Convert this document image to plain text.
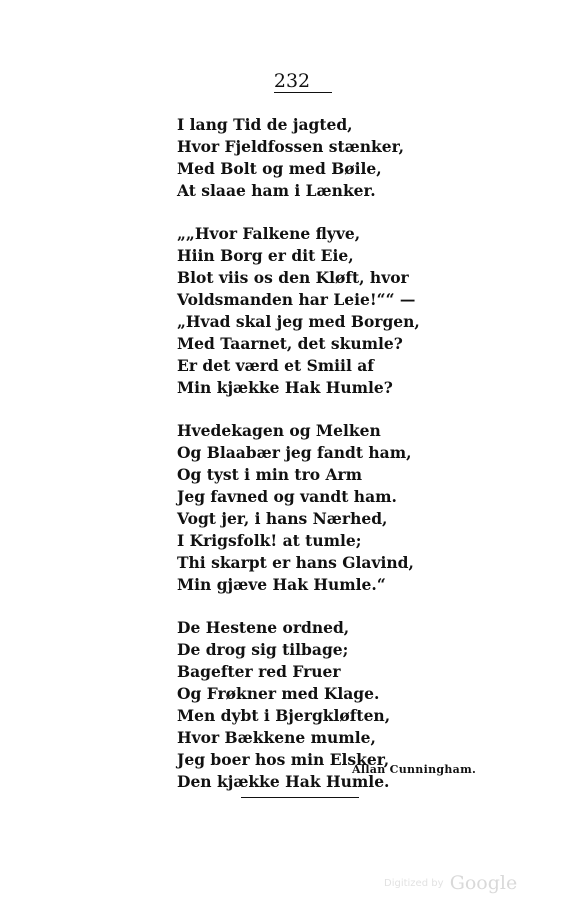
232
I lang Tid de jagted,
Hvor Fjeldfossen stænker,
Med Bolt og med Bøile,
At slaae ham i Lænker.
„„Hvor Falkene flyve,
Hiin Borg er dit Eie,
Blot viis os den Kløft, hvor
Voldsmanden har Leie!““ —
„Hvad skal jeg med Borgen,
Med Taarnet, det skumle?
Er det værd et Smiil af
Min kjække Hak Humle?
Hvedekagen og Melken
Og Blaabær jeg fandt ham,
Og tyst i min tro Arm
Jeg favned og vandt ham.
Vogt jer, i hans Nærhed,
I Krigsfolk! at tumle;
Thi skarpt er hans Glavind,
Min gjæve Hak Humle.“
De Hestene ordned,
De drog sig tilbage;
Bagefter red Fruer
Og Frøkner med Klage.
Men dybt i Bjergkløften,
Hvor Bækkene mumle,
Jeg boer hos min Elsker,
Den kjække Hak Humle.
Allan Cunningham.
Digitized by Google
